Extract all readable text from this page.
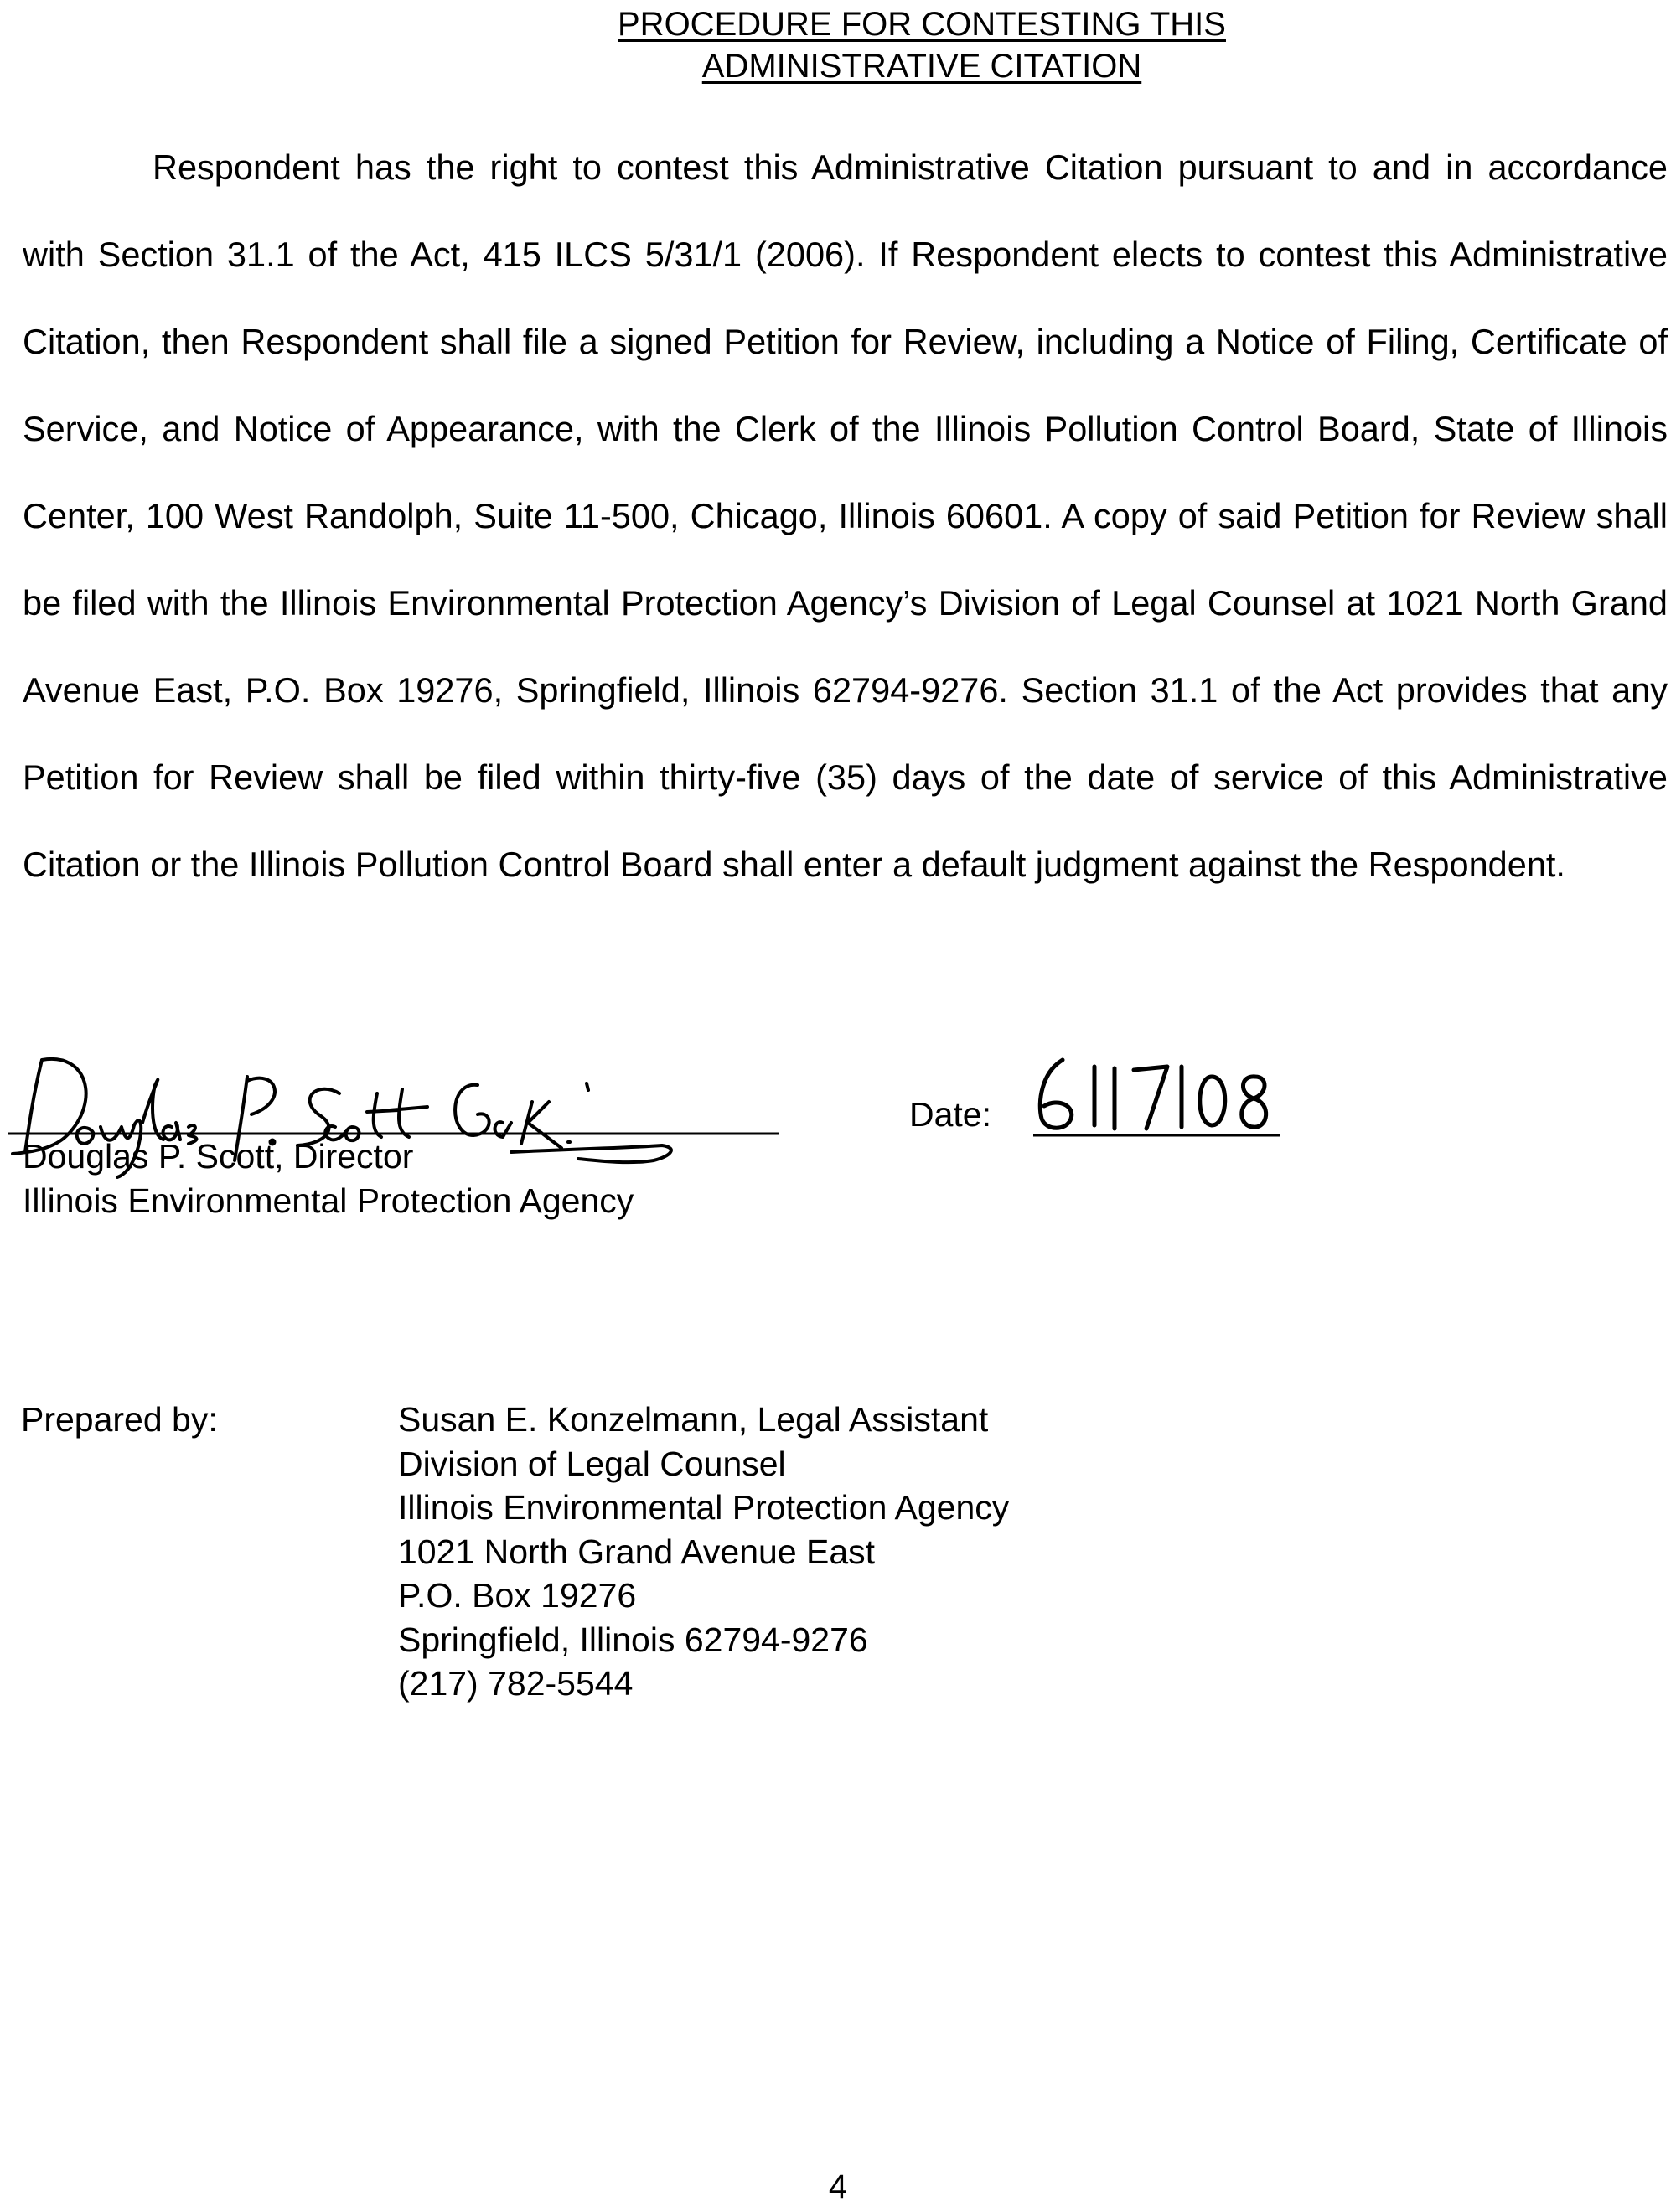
PROCEDURE FOR CONTESTING THIS
ADMINISTRATIVE CITATION

Respondent has the right to contest this Administrative Citation pursuant to and in accordance with Section 31.1 of the Act, 415 ILCS 5/31/1 (2006). If Respondent elects to contest this Administrative Citation, then Respondent shall file a signed Petition for Review, including a Notice of Filing, Certificate of Service, and Notice of Appearance, with the Clerk of the Illinois Pollution Control Board, State of Illinois Center, 100 West Randolph, Suite 11-500, Chicago, Illinois 60601. A copy of said Petition for Review shall be filed with the Illinois Environmental Protection Agency’s Division of Legal Counsel at 1021 North Grand Avenue East, P.O. Box 19276, Springfield, Illinois 62794-9276. Section 31.1 of the Act provides that any Petition for Review shall be filed within thirty-five (35) days of the date of service of this Administrative Citation or the Illinois Pollution Control Board shall enter a default judgment against the Respondent.

Douglas P. Scott, Director
Illinois Environmental Protection Agency
Date:
Prepared by:	Susan E. Konzelmann, Legal Assistant
Division of Legal Counsel
Illinois Environmental Protection Agency
1021 North Grand Avenue East
P.O. Box 19276
Springfield, Illinois 62794-9276
(217) 782-5544
4
